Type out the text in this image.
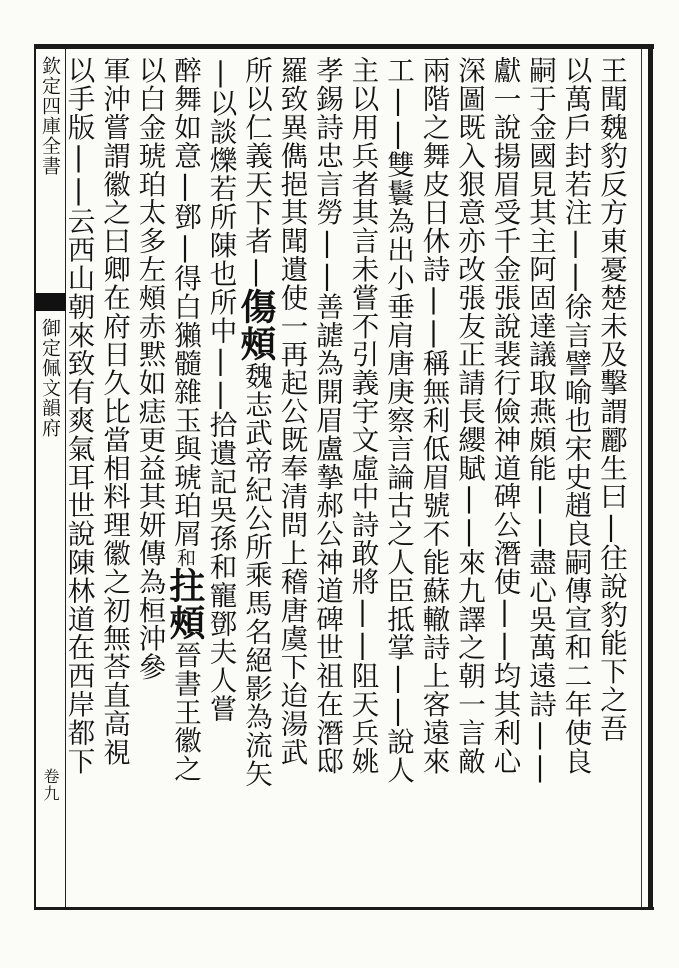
欽定四庫全書
御定佩文韻府
卷九
王聞魏豹反方東憂楚未及擊謂酈生曰|往說豹能下之吾
以萬戶封若注||徐言譬喻也宋史趙良嗣傳宣和二年使良
嗣于金國見其主阿固達議取燕頗能||盡心吳萬遠詩||
獻一說揚眉受千金張說裴行儉神道碑公潛使||均其利心
深圖既入狠意亦改張友正請長纓賦||來九譯之朝一言敵
兩階之舞皮日休詩||稱無利低眉號不能蘇轍詩上客遠來
工||雙鬟為出小垂肩唐庚察言論古之人臣抵掌||說人
主以用兵者其言未嘗不引義宇文虛中詩敢將||阻天兵姚
孝錫詩忠言勞||善謔為開眉盧摯郝公神道碑世祖在潛邸
羅致異儁挹其聞遺使一再起公既奉清問上稽唐虞下迨湯武
所以仁義天下者|傷頰魏志武帝紀公所乘馬名絕影為流矢
|以談爍若所陳也所中||拾遺記吳孫和寵鄧夫人嘗
醉舞如意|鄧|得白獺髓雜玉與琥珀屑和拄頰晉書王徽之
以白金琥珀太多左頰赤黙如痣更益其妍傳為桓沖參
軍沖嘗謂徽之曰卿在府日久比當相料理徽之初無荅直高視
以手版||云西山朝來致有爽氣耳世說陳林道在西岸都下
